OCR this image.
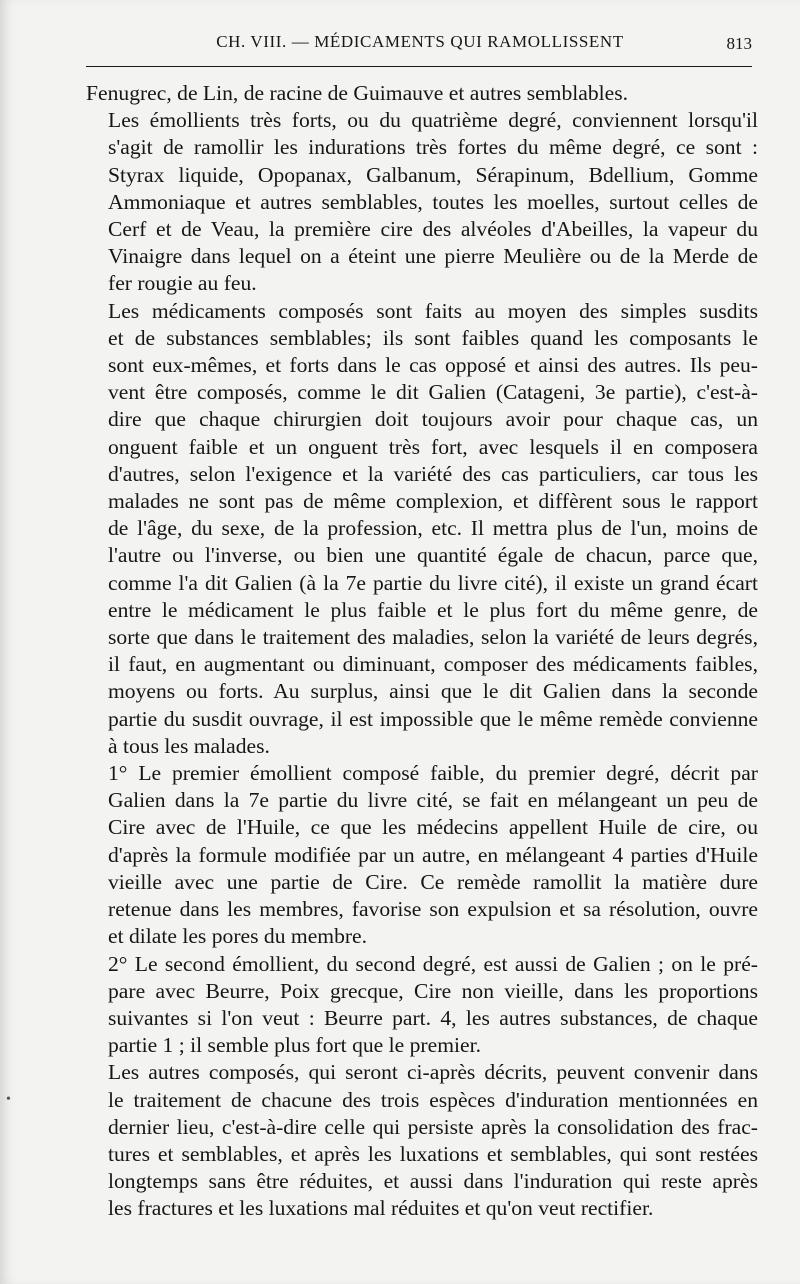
CH. VIII. — MÉDICAMENTS QUI RAMOLLISSENT	813

Fenugrec, de Lin, de racine de Guimauve et autres semblables.

Les émollients très forts, ou du quatrième degré, conviennent lorsqu'il
s'agit de ramollir les indurations très fortes du même degré, ce sont :
Styrax liquide, Opopanax, Galbanum, Sérapinum, Bdellium, Gomme
Ammoniaque et autres semblables, toutes les moelles, surtout celles de
Cerf et de Veau, la première cire des alvéoles d'Abeilles, la vapeur du
Vinaigre dans lequel on a éteint une pierre Meulière ou de la Merde de
fer rougie au feu.

Les médicaments composés sont faits au moyen des simples susdits
et de substances semblables; ils sont faibles quand les composants le
sont eux-mêmes, et forts dans le cas opposé et ainsi des autres. Ils peu-
vent être composés, comme le dit Galien (Catageni, 3e partie), c'est-à-
dire que chaque chirurgien doit toujours avoir pour chaque cas, un
onguent faible et un onguent très fort, avec lesquels il en composera
d'autres, selon l'exigence et la variété des cas particuliers, car tous les
malades ne sont pas de même complexion, et diffèrent sous le rapport
de l'âge, du sexe, de la profession, etc. Il mettra plus de l'un, moins de
l'autre ou l'inverse, ou bien une quantité égale de chacun, parce que,
comme l'a dit Galien (à la 7e partie du livre cité), il existe un grand écart
entre le médicament le plus faible et le plus fort du même genre, de
sorte que dans le traitement des maladies, selon la variété de leurs degrés,
il faut, en augmentant ou diminuant, composer des médicaments faibles,
moyens ou forts. Au surplus, ainsi que le dit Galien dans la seconde
partie du susdit ouvrage, il est impossible que le même remède convienne
à tous les malades.

1° Le premier émollient composé faible, du premier degré, décrit par
Galien dans la 7e partie du livre cité, se fait en mélangeant un peu de
Cire avec de l'Huile, ce que les médecins appellent Huile de cire, ou
d'après la formule modifiée par un autre, en mélangeant 4 parties d'Huile
vieille avec une partie de Cire. Ce remède ramollit la matière dure
retenue dans les membres, favorise son expulsion et sa résolution, ouvre
et dilate les pores du membre.

2° Le second émollient, du second degré, est aussi de Galien ; on le pré-
pare avec Beurre, Poix grecque, Cire non vieille, dans les proportions
suivantes si l'on veut : Beurre part. 4, les autres substances, de chaque
partie 1 ; il semble plus fort que le premier.

Les autres composés, qui seront ci-après décrits, peuvent convenir dans
le traitement de chacune des trois espèces d'induration mentionnées en
dernier lieu, c'est-à-dire celle qui persiste après la consolidation des frac-
tures et semblables, et après les luxations et semblables, qui sont restées
longtemps sans être réduites, et aussi dans l'induration qui reste après
les fractures et les luxations mal réduites et qu'on veut rectifier.

•
